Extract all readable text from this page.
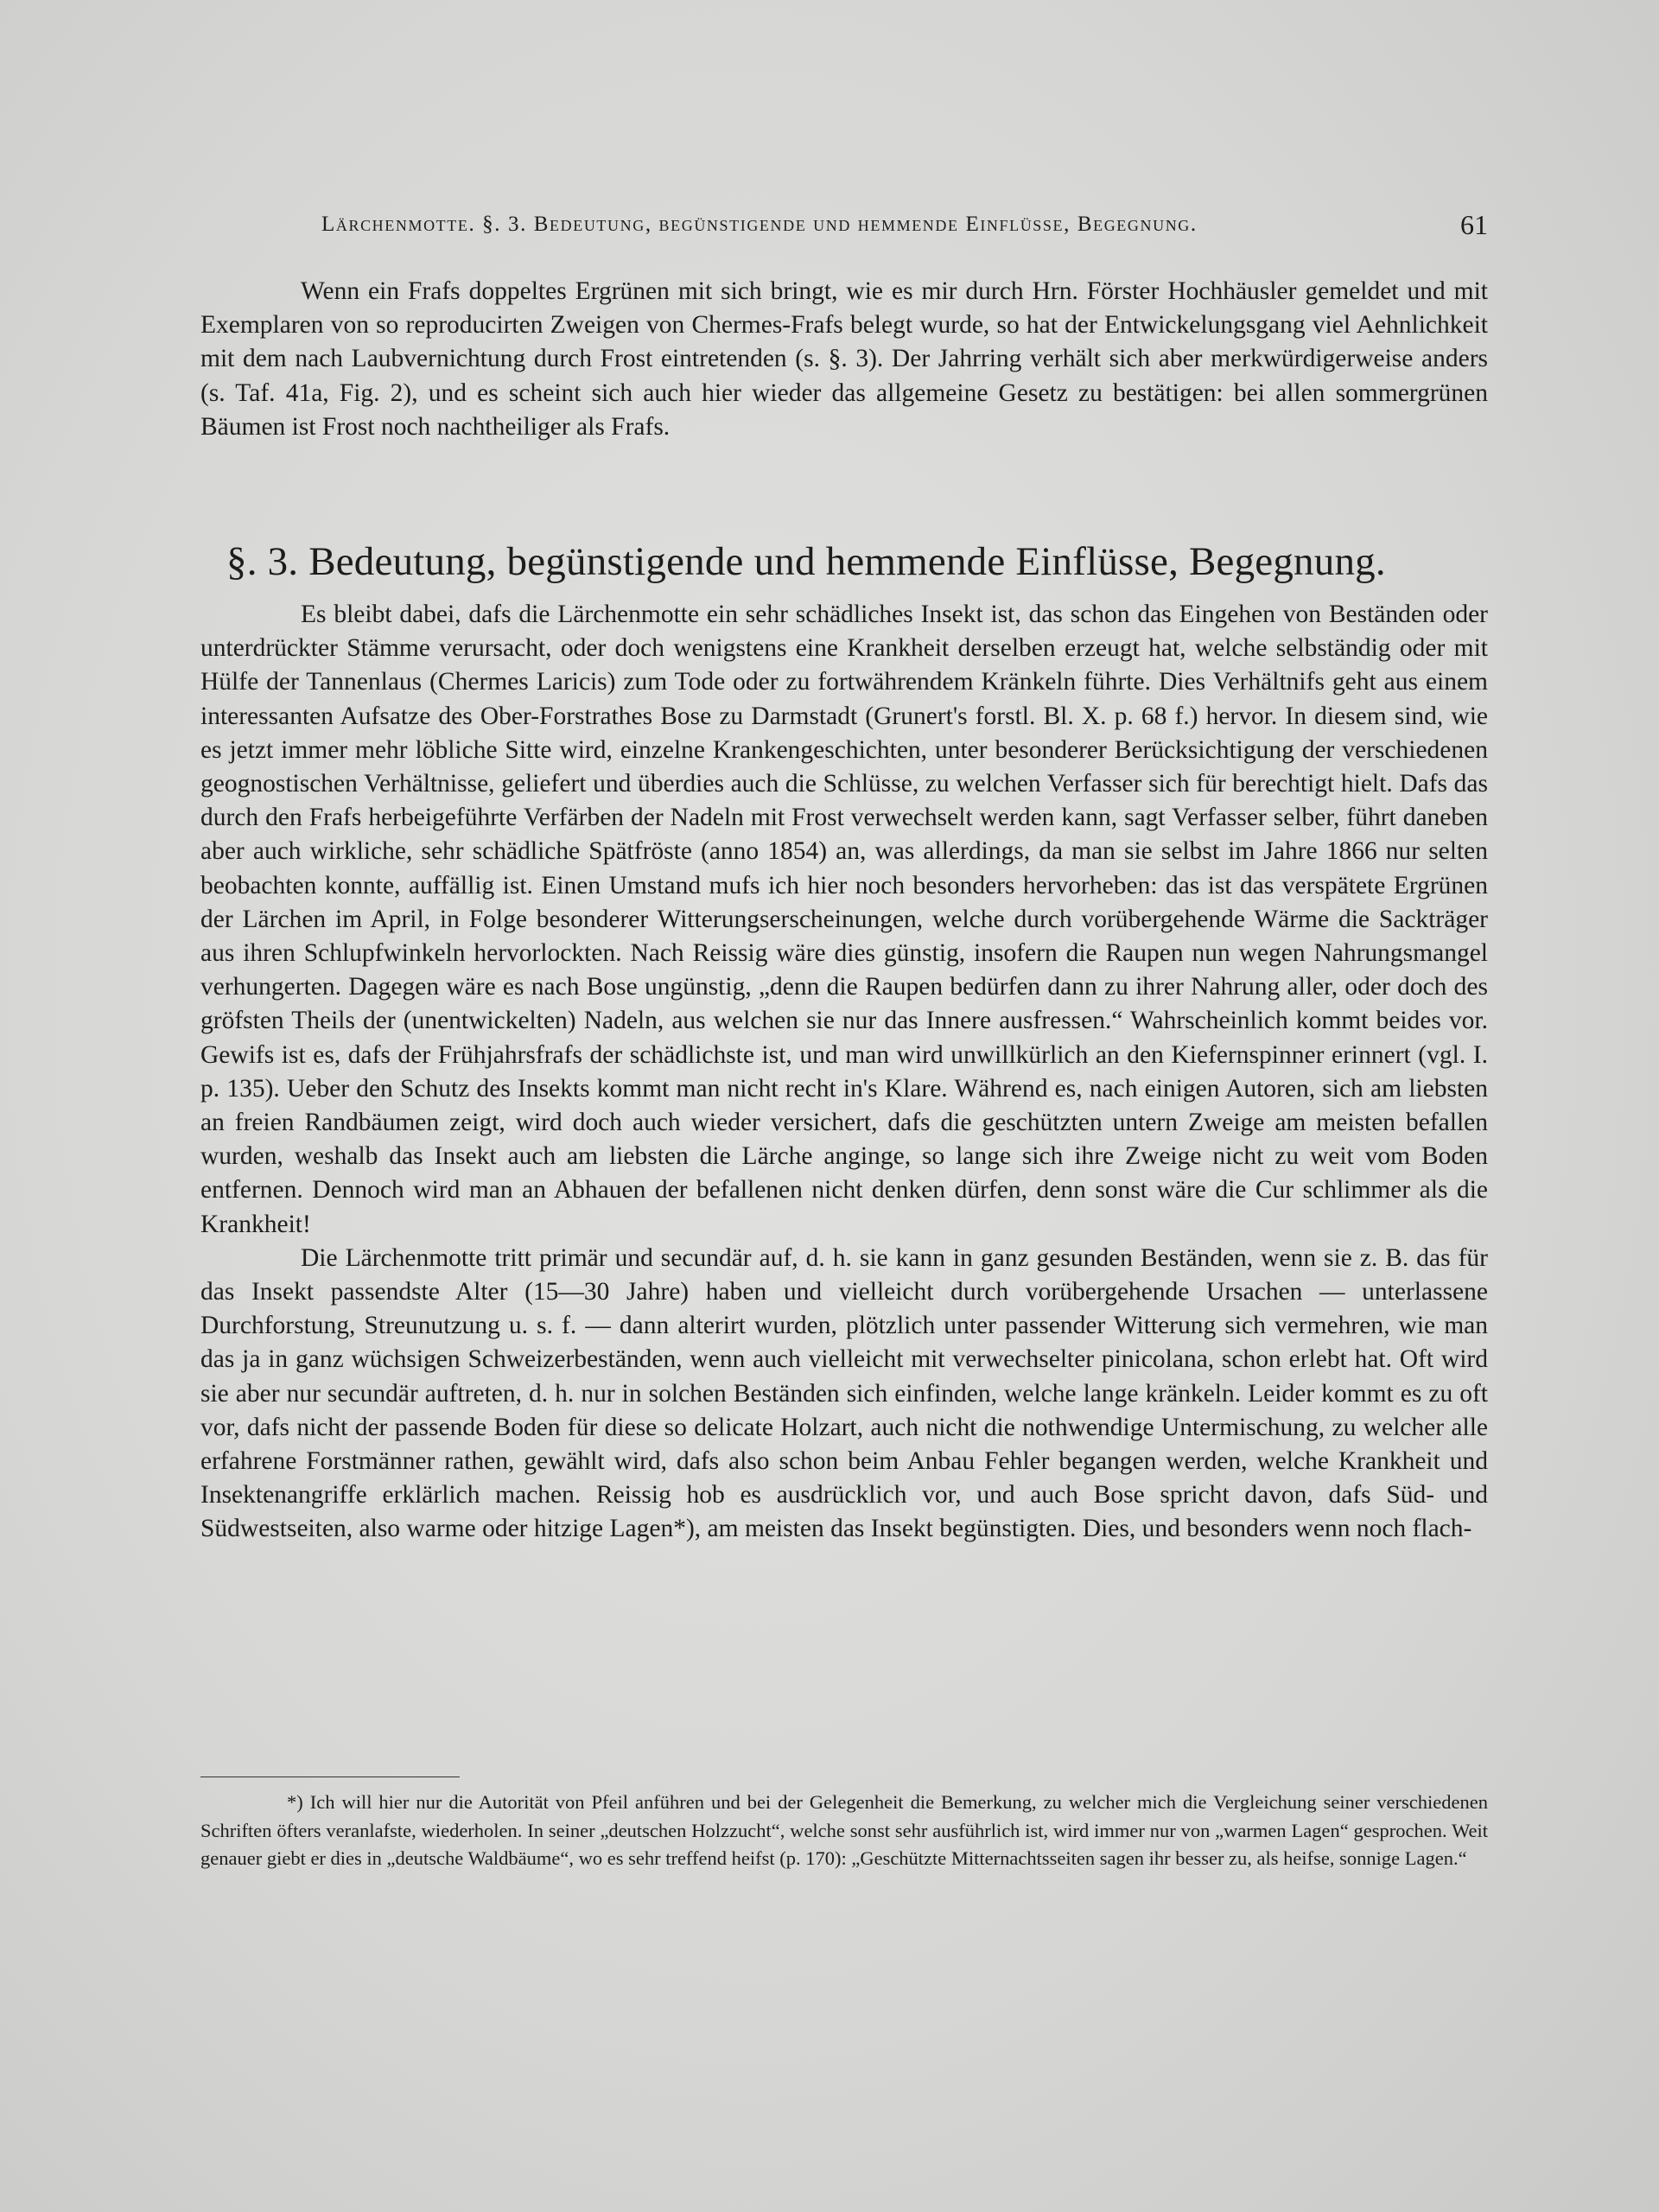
Lärchenmotte. §. 3. Bedeutung, begünstigende und hemmende Einflüsse, Begegnung.	61

Wenn ein Frafs doppeltes Ergrünen mit sich bringt, wie es mir durch Hrn. Förster Hochhäusler gemeldet und mit Exemplaren von so reproducirten Zweigen von Chermes-Frafs belegt wurde, so hat der Entwickelungsgang viel Aehnlichkeit mit dem nach Laubvernichtung durch Frost eintretenden (s. §. 3). Der Jahrring verhält sich aber merkwürdigerweise anders (s. Taf. 41a, Fig. 2), und es scheint sich auch hier wieder das allgemeine Gesetz zu bestätigen: bei allen sommergrünen Bäumen ist Frost noch nachtheiliger als Frafs.

§. 3. Bedeutung, begünstigende und hemmende Einflüsse, Begegnung.

Es bleibt dabei, dafs die Lärchenmotte ein sehr schädliches Insekt ist, das schon das Eingehen von Beständen oder unterdrückter Stämme verursacht, oder doch wenigstens eine Krankheit derselben erzeugt hat, welche selbständig oder mit Hülfe der Tannenlaus (Chermes Laricis) zum Tode oder zu fortwährendem Kränkeln führte. Dies Verhältnifs geht aus einem interessanten Aufsatze des Ober-Forstrathes Bose zu Darmstadt (Grunert's forstl. Bl. X. p. 68 f.) hervor. In diesem sind, wie es jetzt immer mehr löbliche Sitte wird, einzelne Krankengeschichten, unter besonderer Berücksichtigung der verschiedenen geognostischen Verhältnisse, geliefert und überdies auch die Schlüsse, zu welchen Verfasser sich für berechtigt hielt. Dafs das durch den Frafs herbeigeführte Verfärben der Nadeln mit Frost verwechselt werden kann, sagt Verfasser selber, führt daneben aber auch wirkliche, sehr schädliche Spätfröste (anno 1854) an, was allerdings, da man sie selbst im Jahre 1866 nur selten beobachten konnte, auffällig ist. Einen Umstand mufs ich hier noch besonders hervorheben: das ist das verspätete Ergrünen der Lärchen im April, in Folge besonderer Witterungserscheinungen, welche durch vorübergehende Wärme die Sackträger aus ihren Schlupfwinkeln hervorlockten. Nach Reissig wäre dies günstig, insofern die Raupen nun wegen Nahrungsmangel verhungerten. Dagegen wäre es nach Bose ungünstig, „denn die Raupen bedürfen dann zu ihrer Nahrung aller, oder doch des gröfsten Theils der (unentwickelten) Nadeln, aus welchen sie nur das Innere ausfressen.“ Wahrscheinlich kommt beides vor. Gewifs ist es, dafs der Frühjahrsfrafs der schädlichste ist, und man wird unwillkürlich an den Kiefernspinner erinnert (vgl. I. p. 135). Ueber den Schutz des Insekts kommt man nicht recht in's Klare. Während es, nach einigen Autoren, sich am liebsten an freien Randbäumen zeigt, wird doch auch wieder versichert, dafs die geschützten untern Zweige am meisten befallen wurden, weshalb das Insekt auch am liebsten die Lärche anginge, so lange sich ihre Zweige nicht zu weit vom Boden entfernen. Dennoch wird man an Abhauen der befallenen nicht denken dürfen, denn sonst wäre die Cur schlimmer als die Krankheit!

Die Lärchenmotte tritt primär und secundär auf, d. h. sie kann in ganz gesunden Beständen, wenn sie z. B. das für das Insekt passendste Alter (15—30 Jahre) haben und vielleicht durch vorübergehende Ursachen — unterlassene Durchforstung, Streunutzung u. s. f. — dann alterirt wurden, plötzlich unter passender Witterung sich vermehren, wie man das ja in ganz wüchsigen Schweizerbeständen, wenn auch vielleicht mit verwechselter pinicolana, schon erlebt hat. Oft wird sie aber nur secundär auftreten, d. h. nur in solchen Beständen sich einfinden, welche lange kränkeln. Leider kommt es zu oft vor, dafs nicht der passende Boden für diese so delicate Holzart, auch nicht die nothwendige Untermischung, zu welcher alle erfahrene Forstmänner rathen, gewählt wird, dafs also schon beim Anbau Fehler begangen werden, welche Krankheit und Insektenangriffe erklärlich machen. Reissig hob es ausdrücklich vor, und auch Bose spricht davon, dafs Süd- und Südwestseiten, also warme oder hitzige Lagen*), am meisten das Insekt begünstigten. Dies, und besonders wenn noch flach-

*) Ich will hier nur die Autorität von Pfeil anführen und bei der Gelegenheit die Bemerkung, zu welcher mich die Vergleichung seiner verschiedenen Schriften öfters veranlafste, wiederholen. In seiner „deutschen Holzzucht“, welche sonst sehr ausführlich ist, wird immer nur von „warmen Lagen“ gesprochen. Weit genauer giebt er dies in „deutsche Waldbäume“, wo es sehr treffend heifst (p. 170): „Geschützte Mitternachtsseiten sagen ihr besser zu, als heifse, sonnige Lagen.“
